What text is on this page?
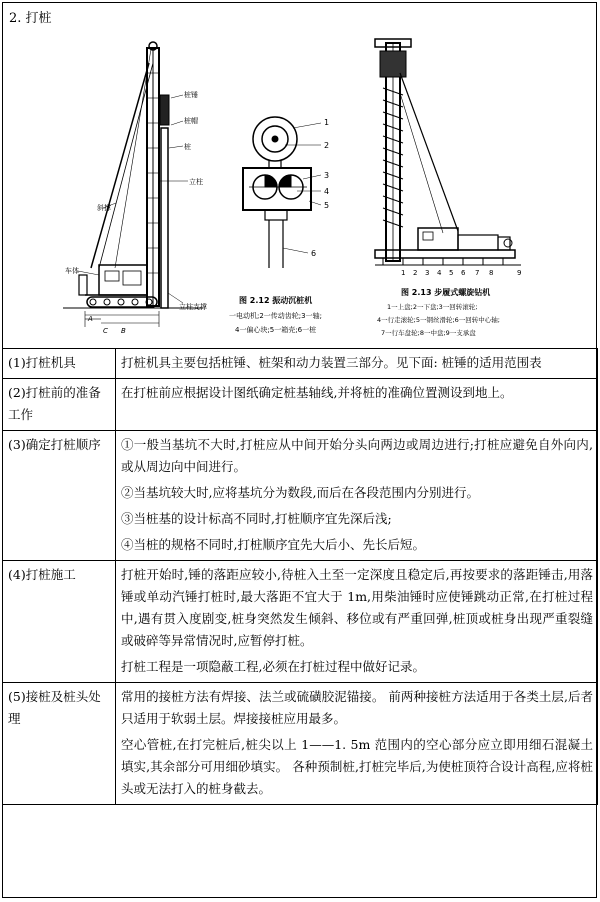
2. 打桩
桩锤
桩帽
桩
立柱
斜撑
车体
立柱支撑
A
B
C
1
2
3
4
5
6
图 2.12 振动沉桩机
一电动机;2一传动齿轮;3一轴;
4一偏心块;5一箱壳;6一桩
1 2 3 4 5 6 7 8	9
图 2.13 步履式螺旋钻机
1一上盘;2一下盘;3一回转滚轮;
4一行走滚轮;5一钢丝滑轮;6一回转中心轴;
7一行车盘轮;8一中盘;9一支承盘
(1)打桩机具	打桩机具主要包括桩锤、桩架和动力装置三部分。见下面: 桩锤的适用范围表

(2)打桩前的准备工作	在打桩前应根据设计图纸确定桩基轴线,并将桩的准确位置测设到地上。

(3)确定打桩顺序	①一般当基坑不大时,打桩应从中间开始分头向两边或周边进行;打桩应避免自外向内,或从周边向中间进行。

②当基坑较大时,应将基坑分为数段,而后在各段范围内分别进行。

③当桩基的设计标高不同时,打桩顺序宜先深后浅;

④当桩的规格不同时,打桩顺序宜先大后小、先长后短。

(4)打桩施工	打桩开始时,锤的落距应较小,待桩入土至一定深度且稳定后,再按要求的落距锤击,用落锤或单动汽锤打桩时,最大落距不宜大于 1m,用柴油锤时应使锤跳动正常,在打桩过程中,遇有贯入度剧变,桩身突然发生倾斜、移位或有严重回弹,桩顶或桩身出现严重裂缝或破碎等异常情况时,应暂停打桩。

打桩工程是一项隐蔽工程,必须在打桩过程中做好记录。

(5)接桩及桩头处理	常用的接桩方法有焊接、法兰或硫磺胶泥锚接。 前两种接桩方法适用于各类土层,后者只适用于软弱土层。焊接接桩应用最多。

空心管桩,在打完桩后,桩尖以上 1——1. 5m 范围内的空心部分应立即用细石混凝土填实,其余部分可用细砂填实。 各种预制桩,打桩完毕后,为使桩顶符合设计高程,应将桩头或无法打入的桩身截去。
